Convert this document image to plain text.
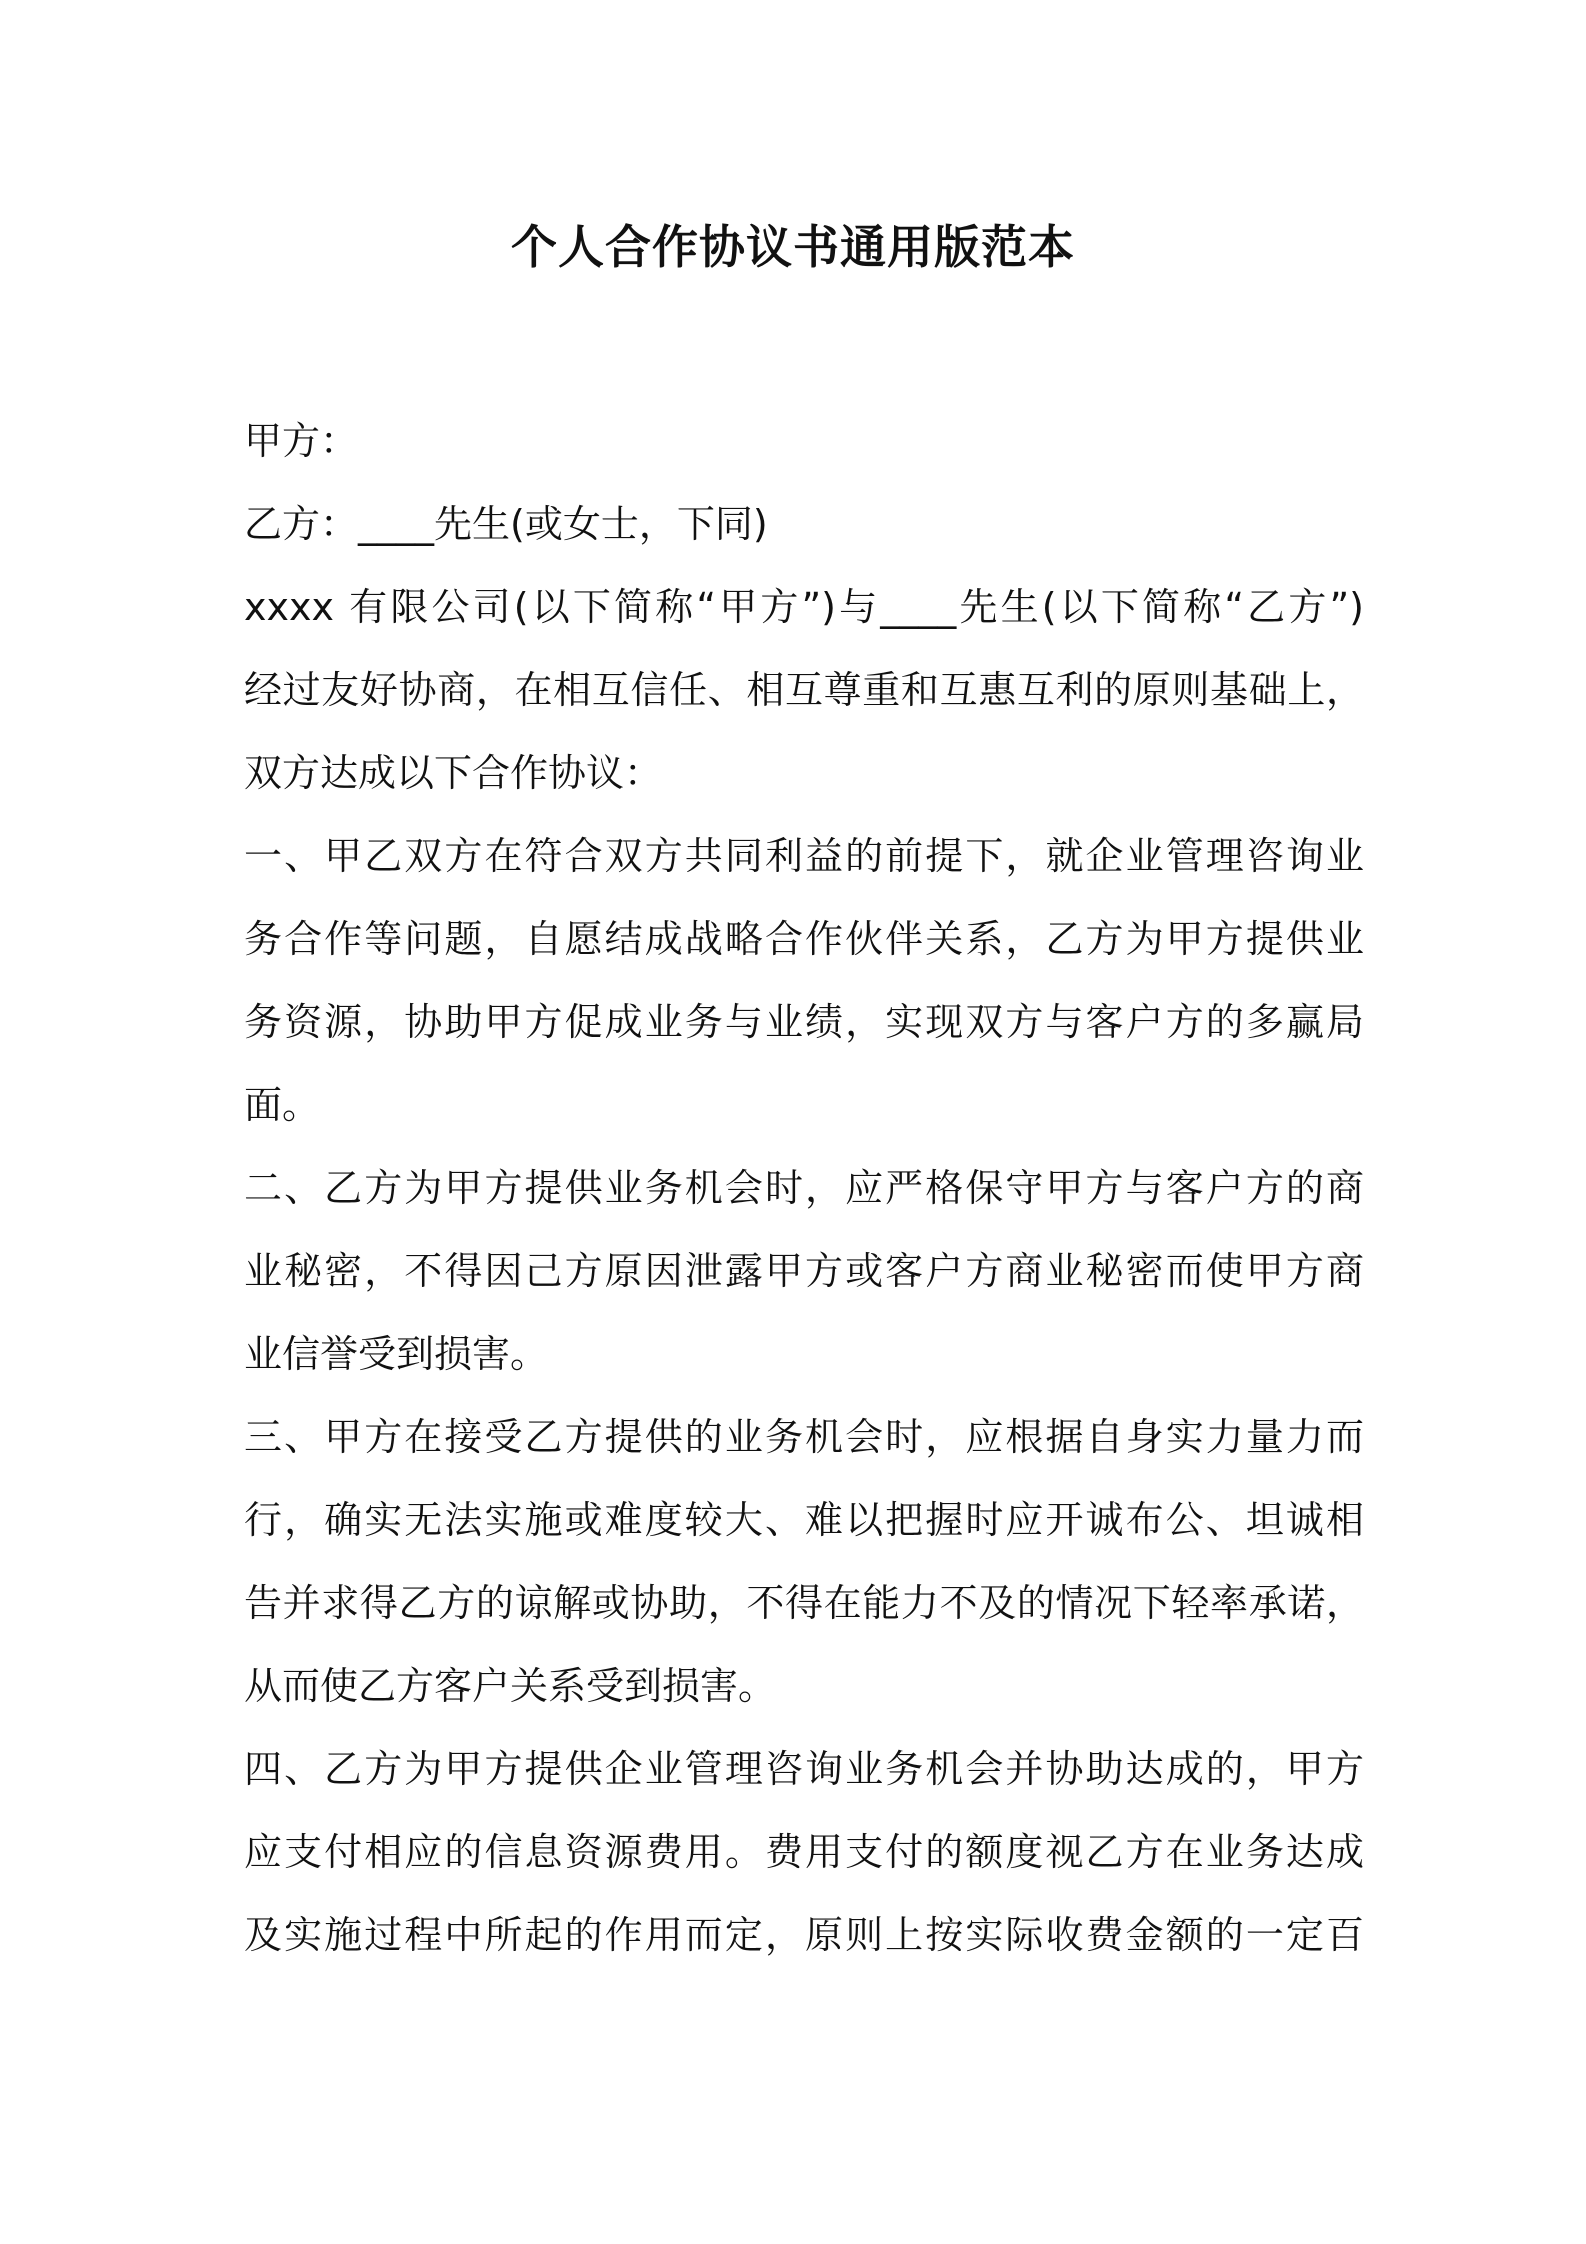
个人合作协议书通用版范本
甲方：
乙方：____先生(或女士，下同)
xxxx 有限公司(以下简称“甲方”)与____先生(以下简称“乙方”)
经过友好协商，在相互信任、相互尊重和互惠互利的原则基础上，
双方达成以下合作协议：
一、甲乙双方在符合双方共同利益的前提下，就企业管理咨询业
务合作等问题，自愿结成战略合作伙伴关系，乙方为甲方提供业
务资源，协助甲方促成业务与业绩，实现双方与客户方的多赢局
面。
二、乙方为甲方提供业务机会时，应严格保守甲方与客户方的商
业秘密，不得因己方原因泄露甲方或客户方商业秘密而使甲方商
业信誉受到损害。
三、甲方在接受乙方提供的业务机会时，应根据自身实力量力而
行，确实无法实施或难度较大、难以把握时应开诚布公、坦诚相
告并求得乙方的谅解或协助，不得在能力不及的情况下轻率承诺，
从而使乙方客户关系受到损害。
四、乙方为甲方提供企业管理咨询业务机会并协助达成的，甲方
应支付相应的信息资源费用。费用支付的额度视乙方在业务达成
及实施过程中所起的作用而定，原则上按实际收费金额的一定百
